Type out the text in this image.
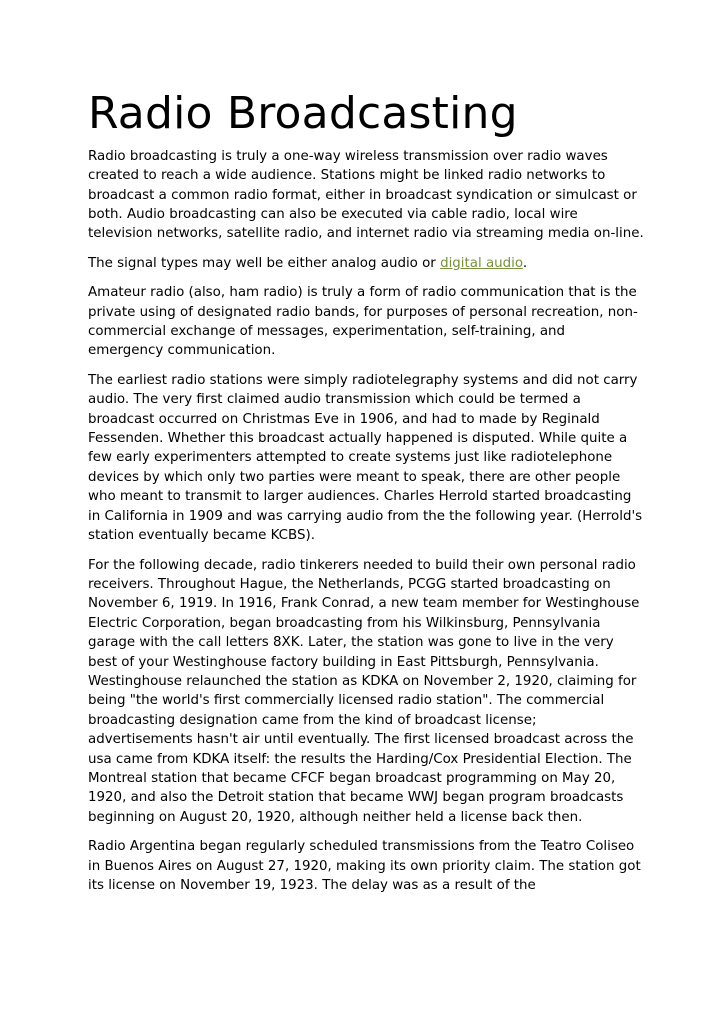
Radio Broadcasting

Radio broadcasting is truly a one-way wireless transmission over radio waves created to reach a wide audience. Stations might be linked radio networks to broadcast a common radio format, either in broadcast syndication or simulcast or both. Audio broadcasting can also be executed via cable radio, local wire television networks, satellite radio, and internet radio via streaming media on-line.

The signal types may well be either analog audio or digital audio.

Amateur radio (also, ham radio) is truly a form of radio communication that is the private using of designated radio bands, for purposes of personal recreation, non-commercial exchange of messages, experimentation, self-training, and emergency communication.

The earliest radio stations were simply radiotelegraphy systems and did not carry audio. The very first claimed audio transmission which could be termed a broadcast occurred on Christmas Eve in 1906, and had to made by Reginald Fessenden. Whether this broadcast actually happened is disputed. While quite a few early experimenters attempted to create systems just like radiotelephone devices by which only two parties were meant to speak, there are other people who meant to transmit to larger audiences. Charles Herrold started broadcasting in California in 1909 and was carrying audio from the the following year. (Herrold's station eventually became KCBS).

For the following decade, radio tinkerers needed to build their own personal radio receivers. Throughout Hague, the Netherlands, PCGG started broadcasting on November 6, 1919. In 1916, Frank Conrad, a new team member for Westinghouse Electric Corporation, began broadcasting from his Wilkinsburg, Pennsylvania garage with the call letters 8XK. Later, the station was gone to live in the very best of your Westinghouse factory building in East Pittsburgh, Pennsylvania. Westinghouse relaunched the station as KDKA on November 2, 1920, claiming for being "the world's first commercially licensed radio station". The commercial broadcasting designation came from the kind of broadcast license; advertisements hasn't air until eventually. The first licensed broadcast across the usa came from KDKA itself: the results the Harding/Cox Presidential Election. The Montreal station that became CFCF began broadcast programming on May 20, 1920, and also the Detroit station that became WWJ began program broadcasts beginning on August 20, 1920, although neither held a license back then.

Radio Argentina began regularly scheduled transmissions from the Teatro Coliseo in Buenos Aires on August 27, 1920, making its own priority claim. The station got its license on November 19, 1923. The delay was as a result of the
